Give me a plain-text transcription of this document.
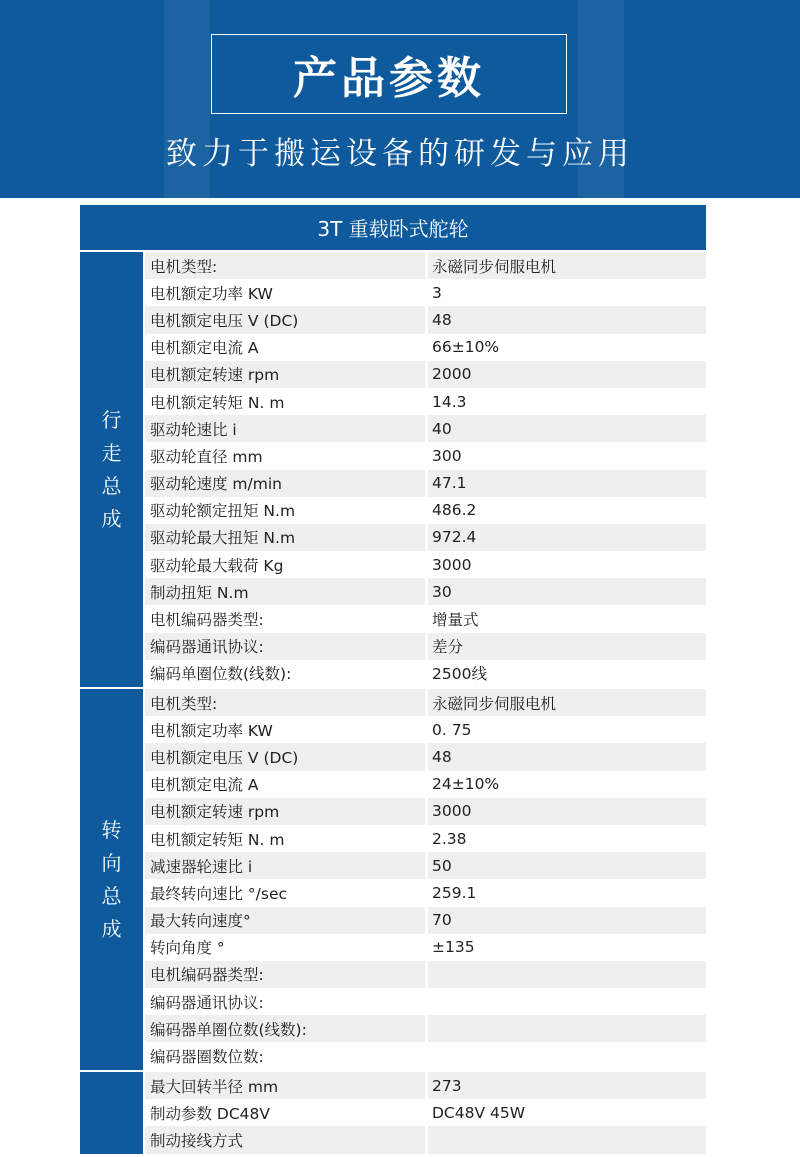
产品参数
致力于搬运设备的研发与应用
3T 重载卧式舵轮
行
走
总
成
电机类型:	永磁同步伺服电机
电机额定功率 KW	3
电机额定电压 V (DC)	48
电机额定电流 A	66±10%
电机额定转速 rpm	2000
电机额定转矩 N. m	14.3
驱动轮速比 i	40
驱动轮直径 mm	300
驱动轮速度 m/min	47.1
驱动轮额定扭矩 N.m	486.2
驱动轮最大扭矩 N.m	972.4
驱动轮最大载荷 Kg	3000
制动扭矩 N.m	30
电机编码器类型:	增量式
编码器通讯协议:	差分
编码单圈位数(线数):	2500线
转
向
总
成
电机类型:	永磁同步伺服电机
电机额定功率 KW	0. 75
电机额定电压 V (DC)	48
电机额定电流 A	24±10%
电机额定转速 rpm	3000
电机额定转矩 N. m	2.38
减速器轮速比 i	50
最终转向速比 °/sec	259.1
最大转向速度°	70
转向角度 °	±135
电机编码器类型:
编码器通讯协议:
编码器单圈位数(线数):
编码器圈数位数:
最大回转半径 mm	273
制动参数 DC48V	DC48V 45W
制动接线方式
